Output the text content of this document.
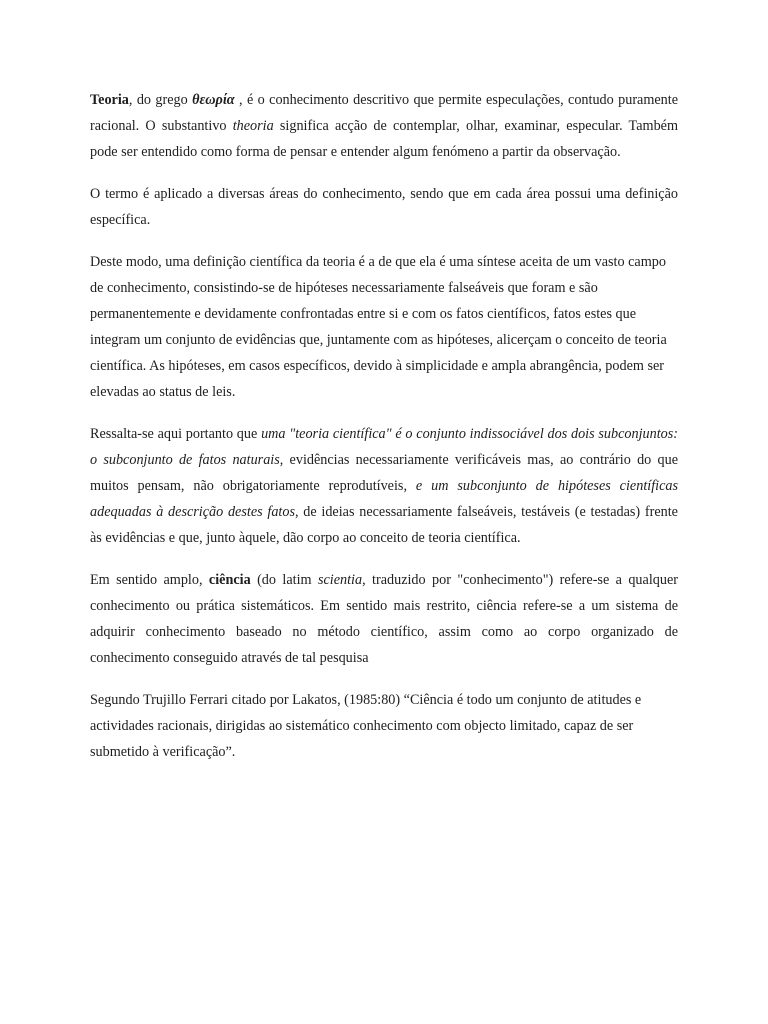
Teoria, do grego θεωρία , é o conhecimento descritivo que permite especulações, contudo puramente racional. O substantivo theoria significa acção de contemplar, olhar, examinar, especular. Também pode ser entendido como forma de pensar e entender algum fenómeno a partir da observação.

O termo é aplicado a diversas áreas do conhecimento, sendo que em cada área possui uma definição específica.

Deste modo, uma definição científica da teoria é a de que ela é uma síntese aceita de um vasto campo de conhecimento, consistindo-se de hipóteses necessariamente falseáveis que foram e são permanentemente e devidamente confrontadas entre si e com os fatos científicos, fatos estes que integram um conjunto de evidências que, juntamente com as hipóteses, alicerçam o conceito de teoria científica. As hipóteses, em casos específicos, devido à simplicidade e ampla abrangência, podem ser elevadas ao status de leis.

Ressalta-se aqui portanto que uma "teoria científica" é o conjunto indissociável dos dois subconjuntos: o subconjunto de fatos naturais, evidências necessariamente verificáveis mas, ao contrário do que muitos pensam, não obrigatoriamente reprodutíveis, e um subconjunto de hipóteses científicas adequadas à descrição destes fatos, de ideias necessariamente falseáveis, testáveis (e testadas) frente às evidências e que, junto àquele, dão corpo ao conceito de teoria científica.

Em sentido amplo, ciência (do latim scientia, traduzido por "conhecimento") refere-se a qualquer conhecimento ou prática sistemáticos. Em sentido mais restrito, ciência refere-se a um sistema de adquirir conhecimento baseado no método científico, assim como ao corpo organizado de conhecimento conseguido através de tal pesquisa

Segundo Trujillo Ferrari citado por Lakatos, (1985:80) “Ciência é todo um conjunto de atitudes e actividades racionais, dirigidas ao sistemático conhecimento com objecto limitado, capaz de ser submetido à verificação”.
